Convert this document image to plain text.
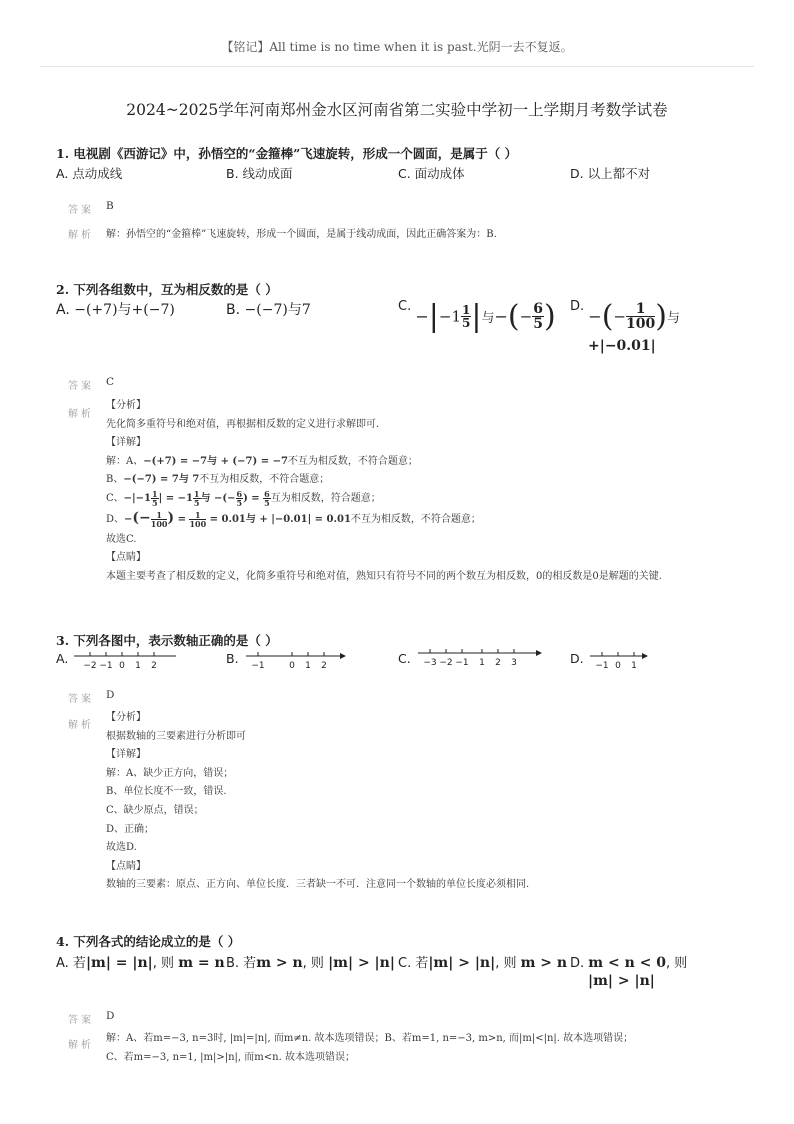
【铭记】All time is no time when it is past.光阴一去不复返。
2024~2025学年河南郑州金水区河南省第二实验中学初一上学期月考数学试卷
1. 电视剧《西游记》中，孙悟空的“金箍棒”飞速旋转，形成一个圆面，是属于（ ）
A. 点动成线	B. 线动成面	C. 面动成体	D. 以上都不对
答案 B
解析 解：孙悟空的“金箍棒”飞速旋转，形成一个圆面，是属于线动成面，因此正确答案为：B.
2. 下列各组数中，互为相反数的是（ ）
A. −(+7)与+(−7)	B. −(−7)与7	C. $-|-1 \frac{1}{5}$ |与−(− $\frac{6}{5}$ ) D. −(− $\frac{1}{100}$ )与
+|−0.01|
答案 C
解析
【分析】
先化简多重符号和绝对值，再根据相反数的定义进行求解即可.
【详解】
解：A、−(+7) = −7与 + (−7) = −7不互为相反数，不符合题意；
B、−(−7) = 7与 7不互为相反数，不符合题意；
C、$-|-1 \frac{1}{5}$ | = $-1 \frac{1}{5}$ 与 −(− $\frac{6}{5}$ ) = $\frac{6}{5}$ 互为相反数，符合题意；
D、−(− $\frac{1}{100}$ ) = $\frac{1}{100} = 0.01$与 + |−0.01| = 0.01不互为相反数，不符合题意；
故选C.
【点睛】
本题主要考查了相反数的定义，化简多重符号和绝对值，熟知只有符号不同的两个数互为相反数，0的相反数是0是解题的关键.
3. 下列各图中，表示数轴正确的是（ ）
A.	B.	C.	D.
−2 −1 0 1 2	−1	0 1 2	−3 −2 −1 1 2 3	−1 0 1
答案 D
解析
【分析】
根据数轴的三要素进行分析即可
【详解】
解：A、缺少正方向，错误；
B、单位长度不一致，错误.
C、缺少原点，错误；
D、正确；
故选D.
【点睛】
数轴的三要素：原点、正方向、单位长度．三者缺一不可．注意同一个数轴的单位长度必须相同.
4. 下列各式的结论成立的是（ ）
A. 若|m| = |n|, 则 m = n B. 若m > n, 则 |m| > |n| C. 若|m| > |n|, 则 m > n D. m < n < 0, 则
|m| > |n|
答案 D
解析
解：A、若m=−3, n=3时, |m|=|n|, 而m≠n. 故本选项错误；B、若m=1, n=−3, m>n, 而|m|<|n|. 故本选项错误；
C、若m=−3, n=1, |m|>|n|, 而m<n. 故本选项错误；
